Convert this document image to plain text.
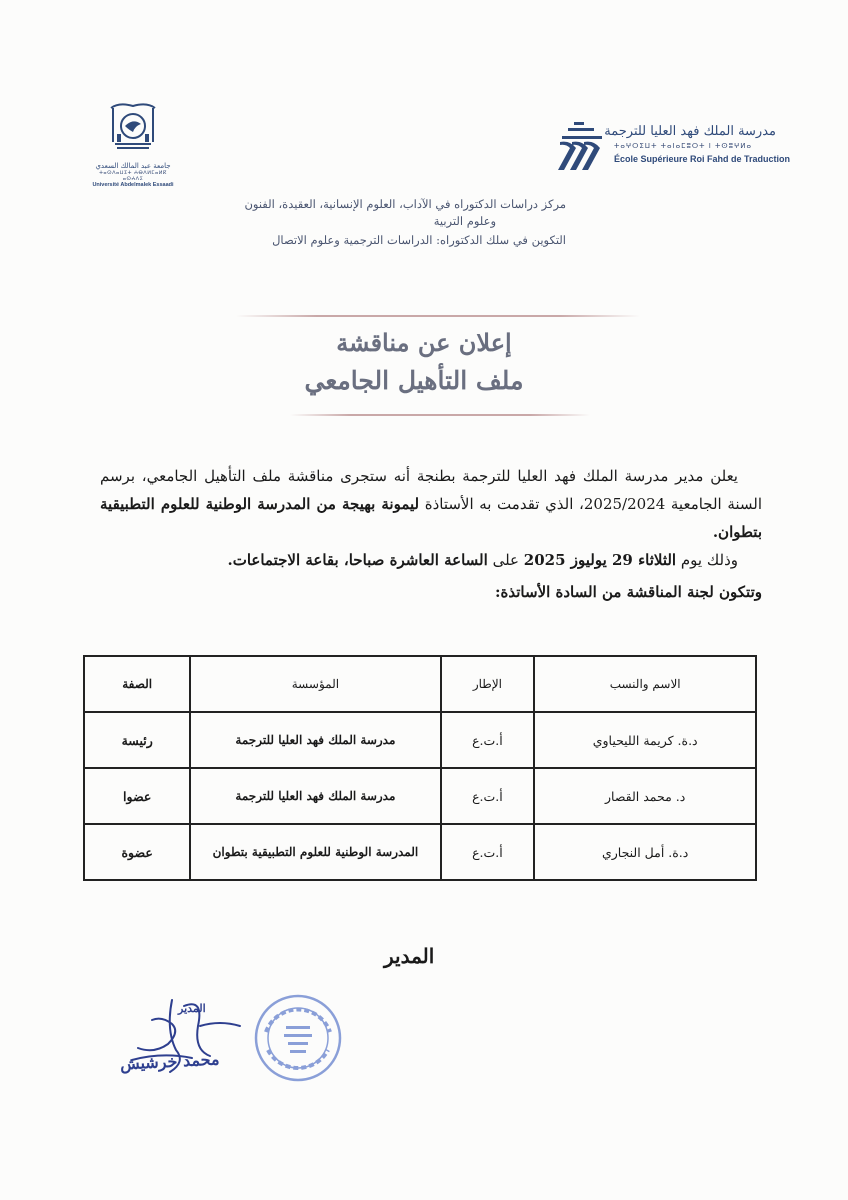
مدرسة الملك فهد العليا للترجمة
ⵜⴰⵖⵔⵉⵡⵜ ⵜⴰⵏⴰⵎⵓⵔⵜ ⵏ ⵜⵙⵓⵖⵍⴰ
École Supérieure Roi Fahd de Traduction
جامعة عبد المالك السعدي
ⵜⴰⵙⴷⴰⵡⵉⵜ ⵄⴱⴷⵍⵎⴰⵍⴽ ⴰⵙⵄⴷⵉ
Université Abdelmalek Essaadi
مركز دراسات الدكتوراه في الآداب، العلوم الإنسانية، العقيدة، الفنون
وعلوم التربية
التكوين في سلك الدكتوراه: الدراسات الترجمية وعلوم الاتصال
إعلان عن مناقشة
ملف التأهيل الجامعي
يعلن مدير مدرسة الملك فهد العليا للترجمة بطنجة أنه ستجرى مناقشة ملف التأهيل الجامعي، برسم السنة الجامعية 2025/2024، الذي تقدمت به الأستاذة ليمونة بهيجة من المدرسة الوطنية للعلوم التطبيقية بتطوان.
وذلك يوم الثلاثاء 29 يوليوز 2025 على الساعة العاشرة صباحا، بقاعة الاجتماعات.
وتتكون لجنة المناقشة من السادة الأساتذة:
الاسم والنسب	الإطار	المؤسسة	الصفة
د.ة. كريمة الليحياوي	أ.ت.ع	مدرسة الملك فهد العليا للترجمة	رئيسة
د. محمد القصار	أ.ت.ع	مدرسة الملك فهد العليا للترجمة	عضوا
د.ة. أمل النجاري	أ.ت.ع	المدرسة الوطنية للعلوم التطبيقية بتطوان	عضوة
المدير
المدير
محمد خرشيش
